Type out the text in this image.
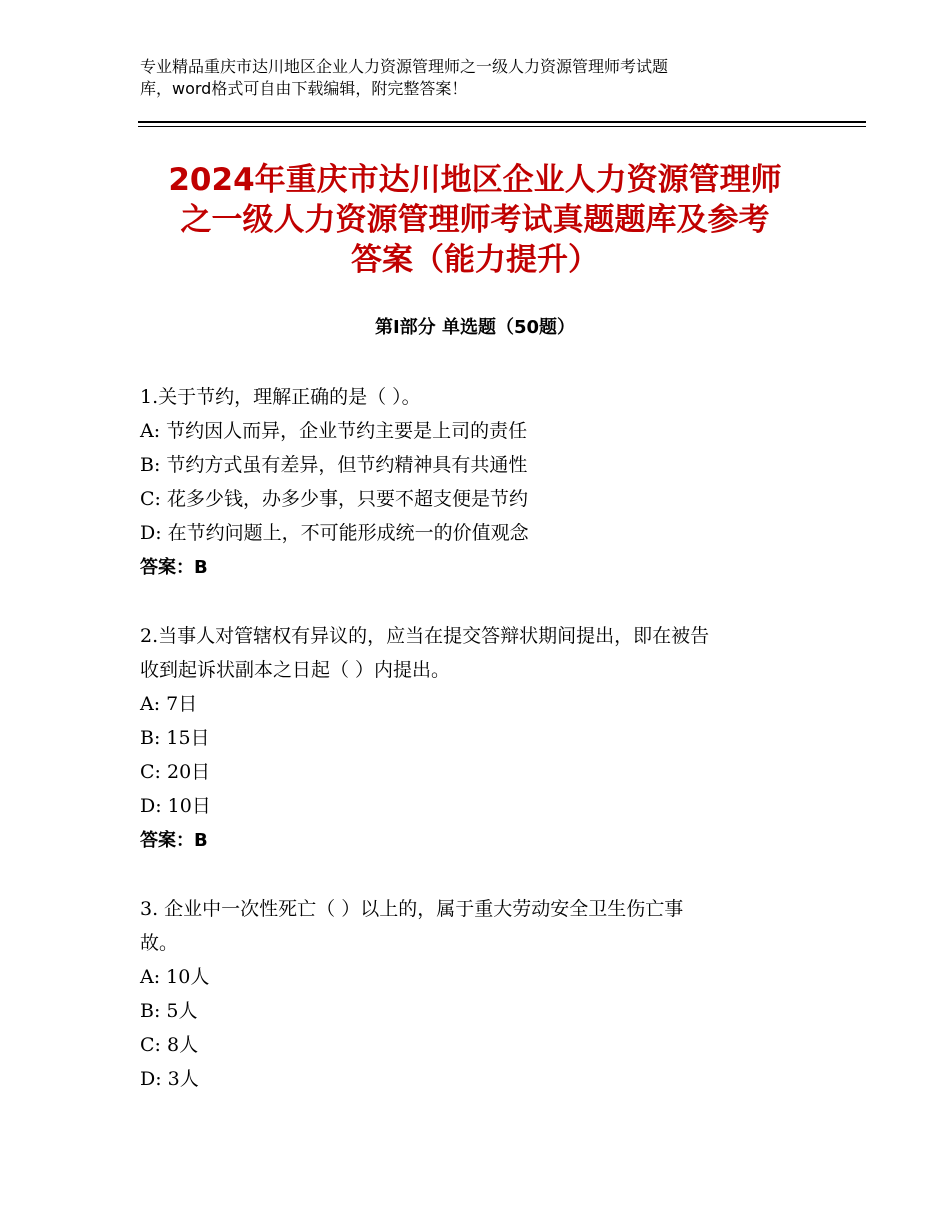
专业精品重庆市达川地区企业人力资源管理师之一级人力资源管理师考试题
库，word格式可自由下载编辑，附完整答案！
2024年重庆市达川地区企业人力资源管理师
之一级人力资源管理师考试真题题库及参考
答案（能力提升）
第Ⅰ部分 单选题（50题）
1.关于节约，理解正确的是（ ）。
A: 节约因人而异，企业节约主要是上司的责任
B: 节约方式虽有差异，但节约精神具有共通性
C: 花多少钱，办多少事，只要不超支便是节约
D: 在节约问题上，不可能形成统一的价值观念
答案：B
2.当事人对管辖权有异议的，应当在提交答辩状期间提出，即在被告
收到起诉状副本之日起（ ）内提出。
A: 7日
B: 15日
C: 20日
D: 10日
答案：B
3. 企业中一次性死亡（ ）以上的，属于重大劳动安全卫生伤亡事
故。
A: 10人
B: 5人
C: 8人
D: 3人
